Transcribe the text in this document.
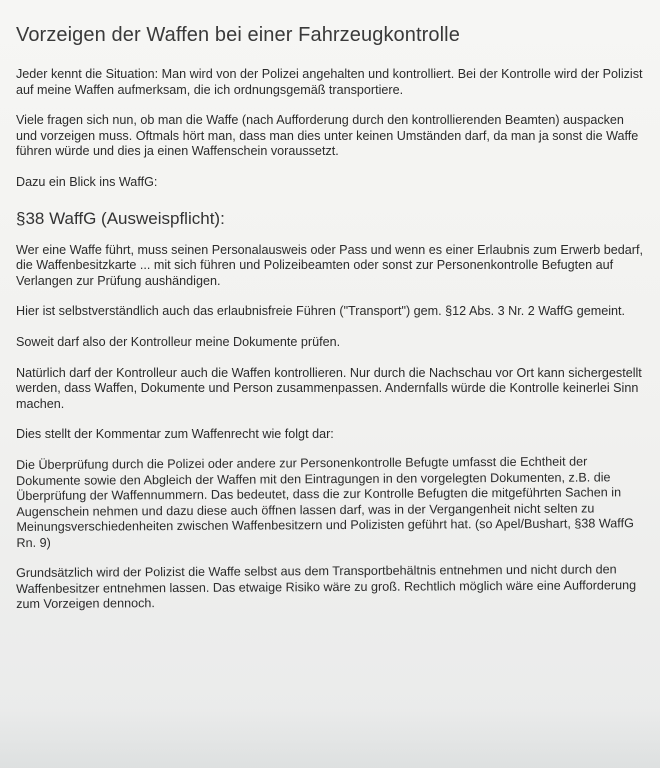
Vorzeigen der Waffen bei einer Fahrzeugkontrolle

Jeder kennt die Situation: Man wird von der Polizei angehalten und kontrolliert. Bei der Kontrolle wird der Polizist auf meine Waffen aufmerksam, die ich ordnungsgemäß transportiere.

Viele fragen sich nun, ob man die Waffe (nach Aufforderung durch den kontrollierenden Beamten) auspacken und vorzeigen muss. Oftmals hört man, dass man dies unter keinen Umständen darf, da man ja sonst die Waffe führen würde und dies ja einen Waffenschein voraussetzt.

Dazu ein Blick ins WaffG:

§38 WaffG (Ausweispflicht):

Wer eine Waffe führt, muss seinen Personalausweis oder Pass und wenn es einer Erlaubnis zum Erwerb bedarf, die Waffenbesitzkarte ... mit sich führen und Polizeibeamten oder sonst zur Personenkontrolle Befugten auf Verlangen zur Prüfung aushändigen.

Hier ist selbstverständlich auch das erlaubnisfreie Führen ("Transport") gem. §12 Abs. 3 Nr. 2 WaffG gemeint.

Soweit darf also der Kontrolleur meine Dokumente prüfen.

Natürlich darf der Kontrolleur auch die Waffen kontrollieren. Nur durch die Nachschau vor Ort kann sichergestellt werden, dass Waffen, Dokumente und Person zusammenpassen. Andernfalls würde die Kontrolle keinerlei Sinn machen.

Dies stellt der Kommentar zum Waffenrecht wie folgt dar:

Die Überprüfung durch die Polizei oder andere zur Personenkontrolle Befugte umfasst die Echtheit der Dokumente sowie den Abgleich der Waffen mit den Eintragungen in den vorgelegten Dokumenten, z.B. die Überprüfung der Waffennummern. Das bedeutet, dass die zur Kontrolle Befugten die mitgeführten Sachen in Augenschein nehmen und dazu diese auch öffnen lassen darf, was in der Vergangenheit nicht selten zu Meinungsverschiedenheiten zwischen Waffenbesitzern und Polizisten geführt hat. (so Apel/Bushart, §38 WaffG Rn. 9)

Grundsätzlich wird der Polizist die Waffe selbst aus dem Transportbehältnis entnehmen und nicht durch den Waffenbesitzer entnehmen lassen. Das etwaige Risiko wäre zu groß. Rechtlich möglich wäre eine Aufforderung zum Vorzeigen dennoch.
